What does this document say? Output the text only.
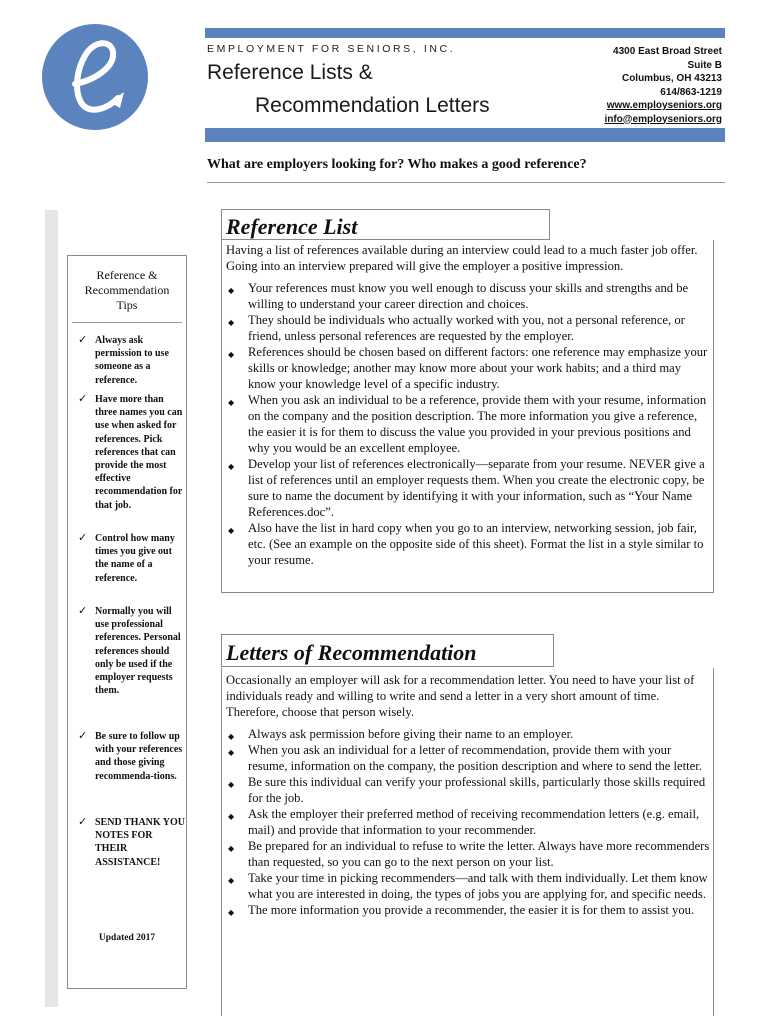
EMPLOYMENT FOR SENIORS, INC.
Reference Lists &
Recommendation Letters
4300 East Broad Street
Suite B
Columbus, OH 43213
614/863-1219
www.employseniors.org
info@employseniors.org
What are employers looking for? Who makes a good reference?
Reference &
Recommendation
Tips
✓ Always ask permission to use someone as a reference.
✓ Have more than three names you can use when asked for references. Pick references that can provide the most effective recommendation for that job.
✓ Control how many times you give out the name of a reference.
✓ Normally you will use professional references. Personal references should only be used if the employer requests them.
✓ Be sure to follow up with your references and those giving recommenda-tions.
✓ SEND THANK YOU NOTES FOR THEIR ASSISTANCE!
Updated 2017
Reference List
Having a list of references available during an interview could lead to a much faster job offer. Going into an interview prepared will give the employer a positive impression.
◆ Your references must know you well enough to discuss your skills and strengths and be willing to understand your career direction and choices.
◆ They should be individuals who actually worked with you, not a personal reference, or friend, unless personal references are requested by the employer.
◆ References should be chosen based on different factors: one reference may emphasize your skills or knowledge; another may know more about your work habits; and a third may know your knowledge level of a specific industry.
◆ When you ask an individual to be a reference, provide them with your resume, information on the company and the position description. The more information you give a reference, the easier it is for them to discuss the value you provided in your previous positions and why you would be an excellent employee.
◆ Develop your list of references electronically—separate from your resume. NEVER give a list of references until an employer requests them. When you create the electronic copy, be sure to name the document by identifying it with your information, such as “Your Name References.doc”.
◆ Also have the list in hard copy when you go to an interview, networking session, job fair, etc. (See an example on the opposite side of this sheet). Format the list in a style similar to your resume.
Letters of Recommendation
Occasionally an employer will ask for a recommendation letter. You need to have your list of individuals ready and willing to write and send a letter in a very short amount of time. Therefore, choose that person wisely.
◆ Always ask permission before giving their name to an employer.
◆ When you ask an individual for a letter of recommendation, provide them with your resume, information on the company, the position description and where to send the letter.
◆ Be sure this individual can verify your professional skills, particularly those skills required for the job.
◆ Ask the employer their preferred method of receiving recommendation letters (e.g. email, mail) and provide that information to your recommender.
◆ Be prepared for an individual to refuse to write the letter. Always have more recommenders than requested, so you can go to the next person on your list.
◆ Take your time in picking recommenders—and talk with them individually. Let them know what you are interested in doing, the types of jobs you are applying for, and specific needs.
◆ The more information you provide a recommender, the easier it is for them to assist you.
